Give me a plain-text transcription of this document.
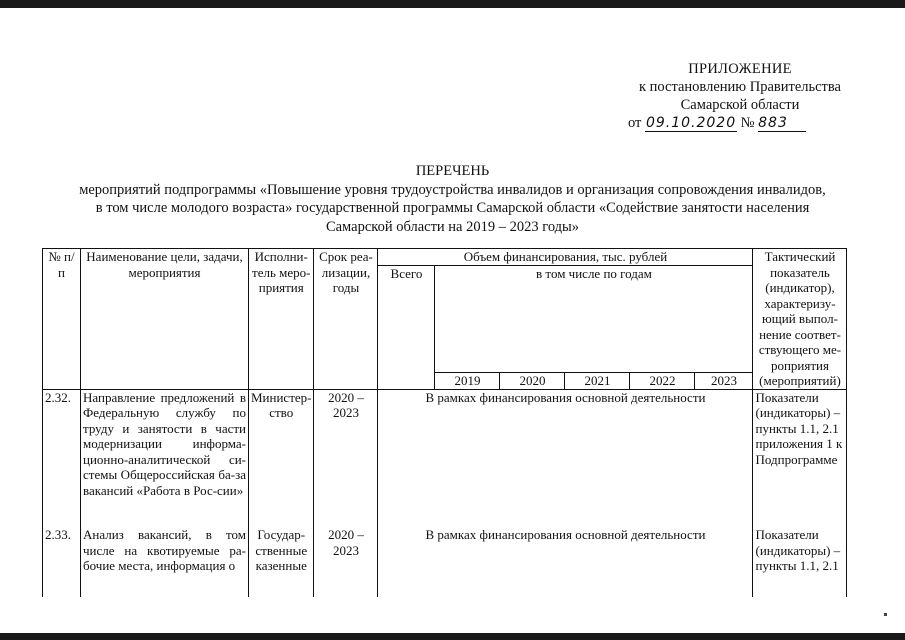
ПРИЛОЖЕНИЕ
к постановлению Правительства
Самарской области
от 09.10.2020 № 883
ПЕРЕЧЕНЬ
мероприятий подпрограммы «Повышение уровня трудоустройства инвалидов и организация сопровождения инвалидов,
в том числе молодого возраста» государственной программы Самарской области «Содействие занятости населения
Самарской области на 2019 – 2023 годы»
№ п/п	Наименование цели, задачи, мероприятия	Исполни-тель меро-приятия	Срок реа-лизации, годы	Объем финансирования, тыс. рублей						Тактический показатель (индикатор), характеризу-ющий выпол-нение соответ-ствующего ме-роприятия (мероприятий)
				Всего	в том числе по годам					
					2019	2020	2021	2022	2023	
2.32.	Направление предложений в Федеральную службу по труду и занятости в части модернизации информа-ционно-аналитической си-стемы Общероссийская ба-за вакансий «Работа в Рос-сии»	Министер-ство	2020 – 2023	В рамках финансирования основной деятельности						Показатели (индикаторы) – пункты 1.1, 2.1 приложения 1 к Подпрограмме
2.33.	Анализ вакансий, в том числе на квотируемые ра-бочие места, информация о	Государ-ственные казенные	2020 – 2023	В рамках финансирования основной деятельности						Показатели (индикаторы) – пункты 1.1, 2.1
